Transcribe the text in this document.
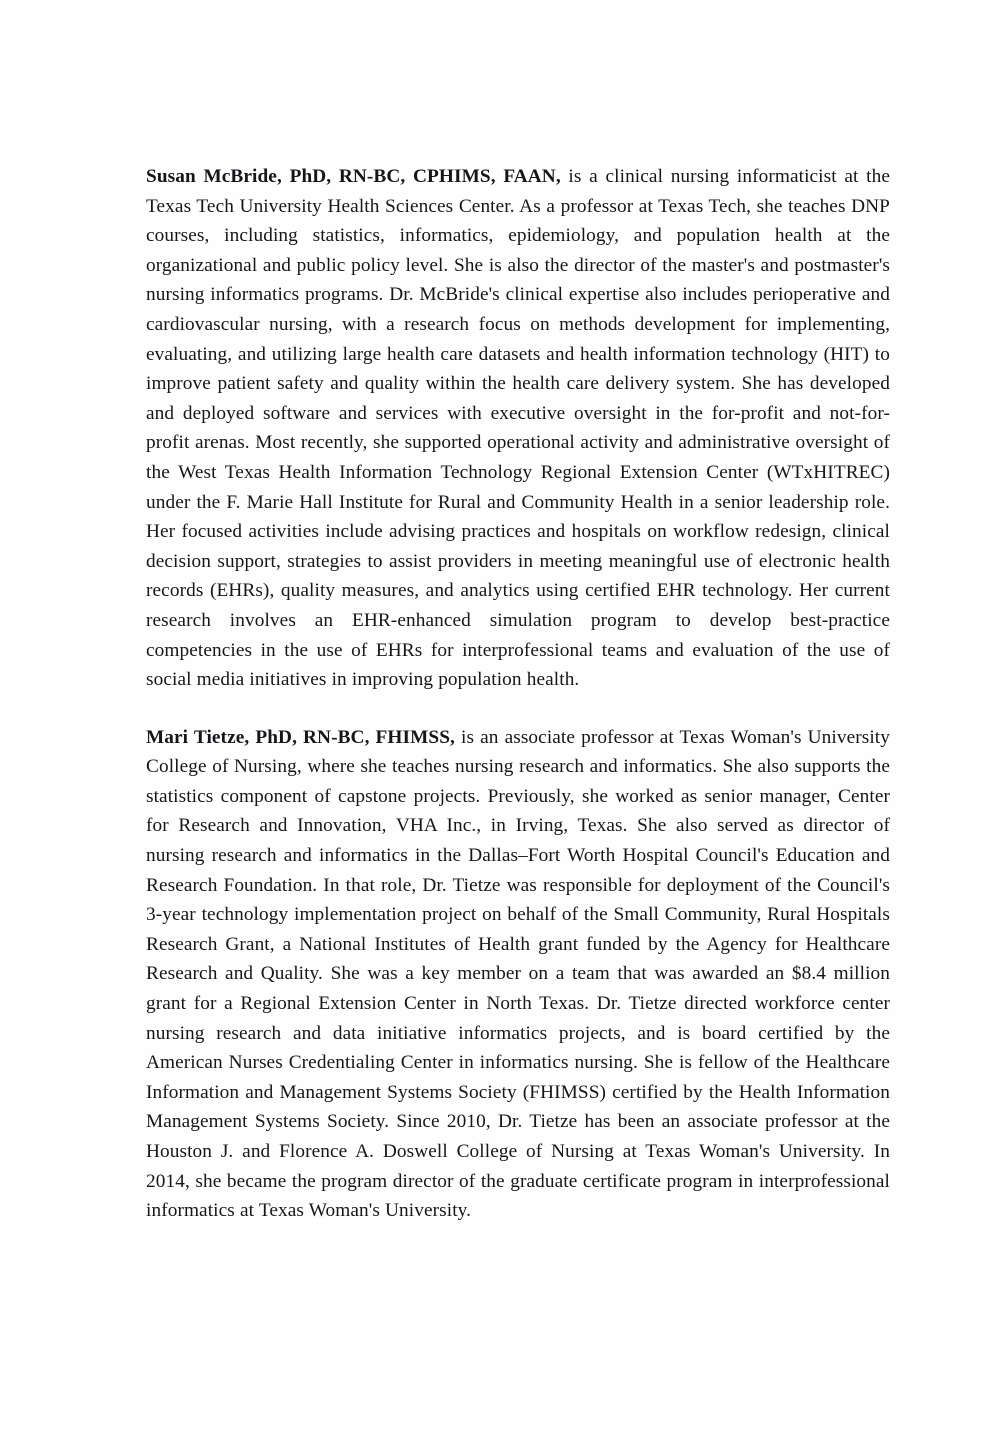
Susan McBride, PhD, RN-BC, CPHIMS, FAAN, is a clinical nursing informaticist at the Texas Tech University Health Sciences Center. As a professor at Texas Tech, she teaches DNP courses, including statistics, informatics, epidemiology, and population health at the organizational and public policy level. She is also the director of the master's and postmaster's nursing informatics programs. Dr. McBride's clinical expertise also includes perioperative and cardiovascular nursing, with a research focus on methods development for implementing, evaluating, and utilizing large health care datasets and health information technology (HIT) to improve patient safety and quality within the health care delivery system. She has developed and deployed software and services with executive oversight in the for-profit and not-for-profit arenas. Most recently, she supported operational activity and administrative oversight of the West Texas Health Information Technology Regional Extension Center (WTxHITREC) under the F. Marie Hall Institute for Rural and Community Health in a senior leadership role. Her focused activities include advising practices and hospitals on workflow redesign, clinical decision support, strategies to assist providers in meeting meaningful use of electronic health records (EHRs), quality measures, and analytics using certified EHR technology. Her current research involves an EHR-enhanced simulation program to develop best-practice competencies in the use of EHRs for interprofessional teams and evaluation of the use of social media initiatives in improving population health.

Mari Tietze, PhD, RN-BC, FHIMSS, is an associate professor at Texas Woman's University College of Nursing, where she teaches nursing research and informatics. She also supports the statistics component of capstone projects. Previously, she worked as senior manager, Center for Research and Innovation, VHA Inc., in Irving, Texas. She also served as director of nursing research and informatics in the Dallas–Fort Worth Hospital Council's Education and Research Foundation. In that role, Dr. Tietze was responsible for deployment of the Council's 3-year technology implementation project on behalf of the Small Community, Rural Hospitals Research Grant, a National Institutes of Health grant funded by the Agency for Healthcare Research and Quality. She was a key member on a team that was awarded an $8.4 million grant for a Regional Extension Center in North Texas. Dr. Tietze directed workforce center nursing research and data initiative informatics projects, and is board certified by the American Nurses Credentialing Center in informatics nursing. She is fellow of the Healthcare Information and Management Systems Society (FHIMSS) certified by the Health Information Management Systems Society. Since 2010, Dr. Tietze has been an associate professor at the Houston J. and Florence A. Doswell College of Nursing at Texas Woman's University. In 2014, she became the program director of the graduate certificate program in interprofessional informatics at Texas Woman's University.
